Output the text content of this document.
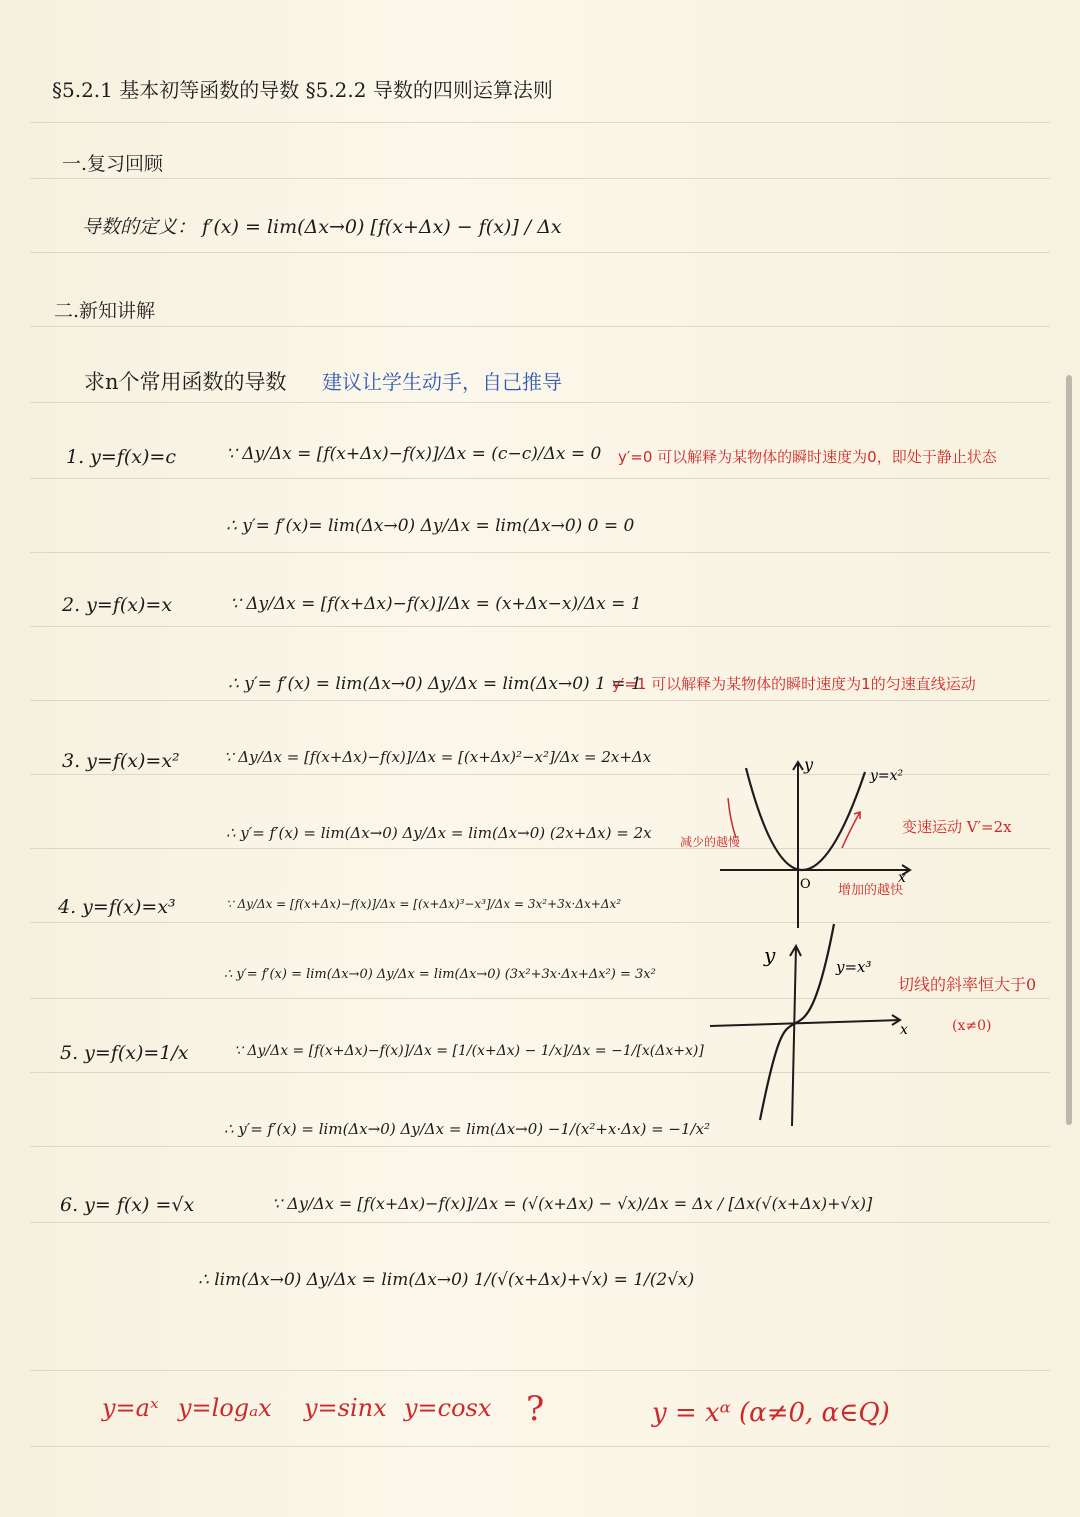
§5.2.1 基本初等函数的导数 §5.2.2 导数的四则运算法则
一.复习回顾
导数的定义： f′(x) = lim(Δx→0) [f(x+Δx) − f(x)] / Δx
二.新知讲解
求n个常用函数的导数 建议让学生动手，自己推导
1. y=f(x)=c	∵ Δy/Δx = [f(x+Δx)−f(x)]/Δx = (c−c)/Δx = 0 y′=0 可以解释为某物体的瞬时速度为0，即处于静止状态
∴ y′= f′(x)= lim(Δx→0) Δy/Δx = lim(Δx→0) 0 = 0
2. y=f(x)=x	∵ Δy/Δx = [f(x+Δx)−f(x)]/Δx = (x+Δx−x)/Δx = 1
∴ y′= f′(x) = lim(Δx→0) Δy/Δx = lim(Δx→0) 1 = 1
y′=1 可以解释为某物体的瞬时速度为1的匀速直线运动
3. y=f(x)=x²	∵ Δy/Δx = [f(x+Δx)−f(x)]/Δx = [(x+Δx)²−x²]/Δx = 2x+Δx
∴ y′= f′(x) = lim(Δx→0) Δy/Δx = lim(Δx→0) (2x+Δx) = 2x
4. y=f(x)=x³	∵ Δy/Δx = [f(x+Δx)−f(x)]/Δx = [(x+Δx)³−x³]/Δx = 3x²+3x·Δx+Δx²
∴ y′= f′(x) = lim(Δx→0) Δy/Δx = lim(Δx→0) (3x²+3x·Δx+Δx²) = 3x²
5. y=f(x)=1/x	∵ Δy/Δx = [f(x+Δx)−f(x)]/Δx = [1/(x+Δx) − 1/x]/Δx = −1/[x(Δx+x)]
∴ y′= f′(x) = lim(Δx→0) Δy/Δx = lim(Δx→0) −1/(x²+x·Δx) = −1/x²
6. y= f(x) =√x	∵ Δy/Δx = [f(x+Δx)−f(x)]/Δx = (√(x+Δx) − √x)/Δx = Δx / [Δx(√(x+Δx)+√x)]
∴ lim(Δx→0) Δy/Δx = lim(Δx→0) 1/(√(x+Δx)+√x) = 1/(2√x)
y
x
O
y=x²
减少的越慢
变速运动 V′=2x
增加的越快
y
x
y=x³
切线的斜率恒大于0
(x≠0)
y=aˣ y=logₐx y=sinx y=cosx ?	y = xᵅ (α≠0, α∈Q)
